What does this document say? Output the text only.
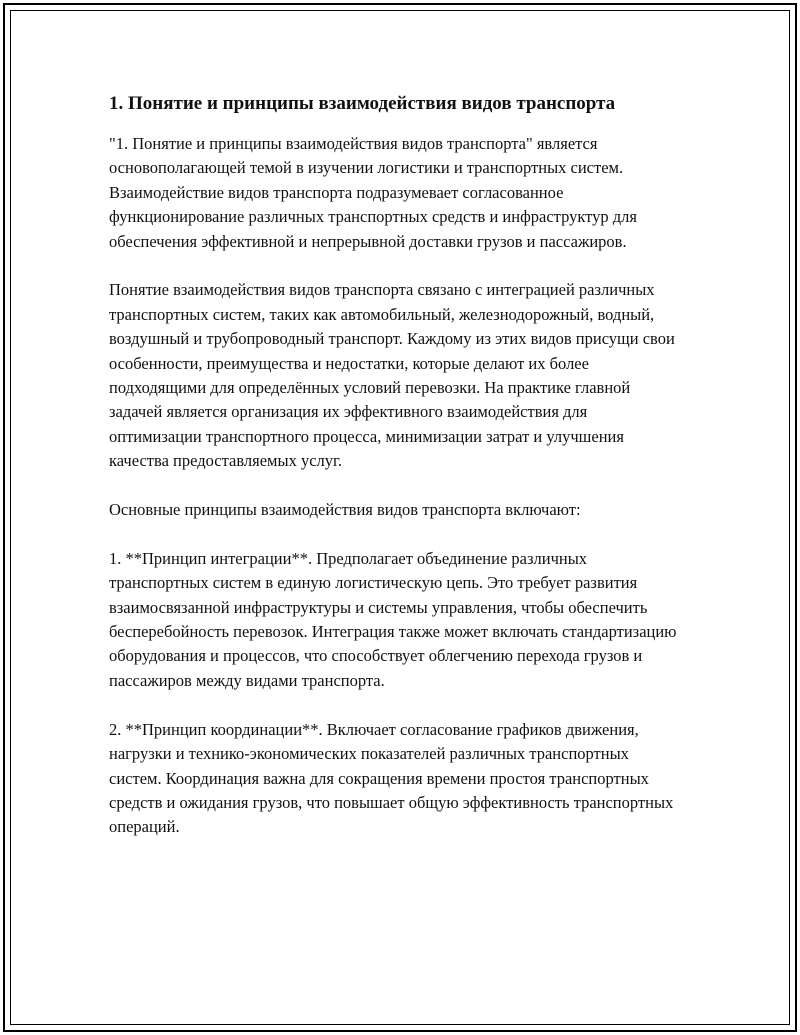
1. Понятие и принципы взаимодействия видов транспорта

"1. Понятие и принципы взаимодействия видов транспорта" является основополагающей темой в изучении логистики и транспортных систем. Взаимодействие видов транспорта подразумевает согласованное функционирование различных транспортных средств и инфраструктур для обеспечения эффективной и непрерывной доставки грузов и пассажиров.

Понятие взаимодействия видов транспорта связано с интеграцией различных транспортных систем, таких как автомобильный, железнодорожный, водный, воздушный и трубопроводный транспорт. Каждому из этих видов присущи свои особенности, преимущества и недостатки, которые делают их более подходящими для определённых условий перевозки. На практике главной задачей является организация их эффективного взаимодействия для оптимизации транспортного процесса, минимизации затрат и улучшения качества предоставляемых услуг.

Основные принципы взаимодействия видов транспорта включают:

1. **Принцип интеграции**. Предполагает объединение различных транспортных систем в единую логистическую цепь. Это требует развития взаимосвязанной инфраструктуры и системы управления, чтобы обеспечить бесперебойность перевозок. Интеграция также может включать стандартизацию оборудования и процессов, что способствует облегчению перехода грузов и пассажиров между видами транспорта.

2. **Принцип координации**. Включает согласование графиков движения, нагрузки и технико-экономических показателей различных транспортных систем. Координация важна для сокращения времени простоя транспортных средств и ожидания грузов, что повышает общую эффективность транспортных операций.
